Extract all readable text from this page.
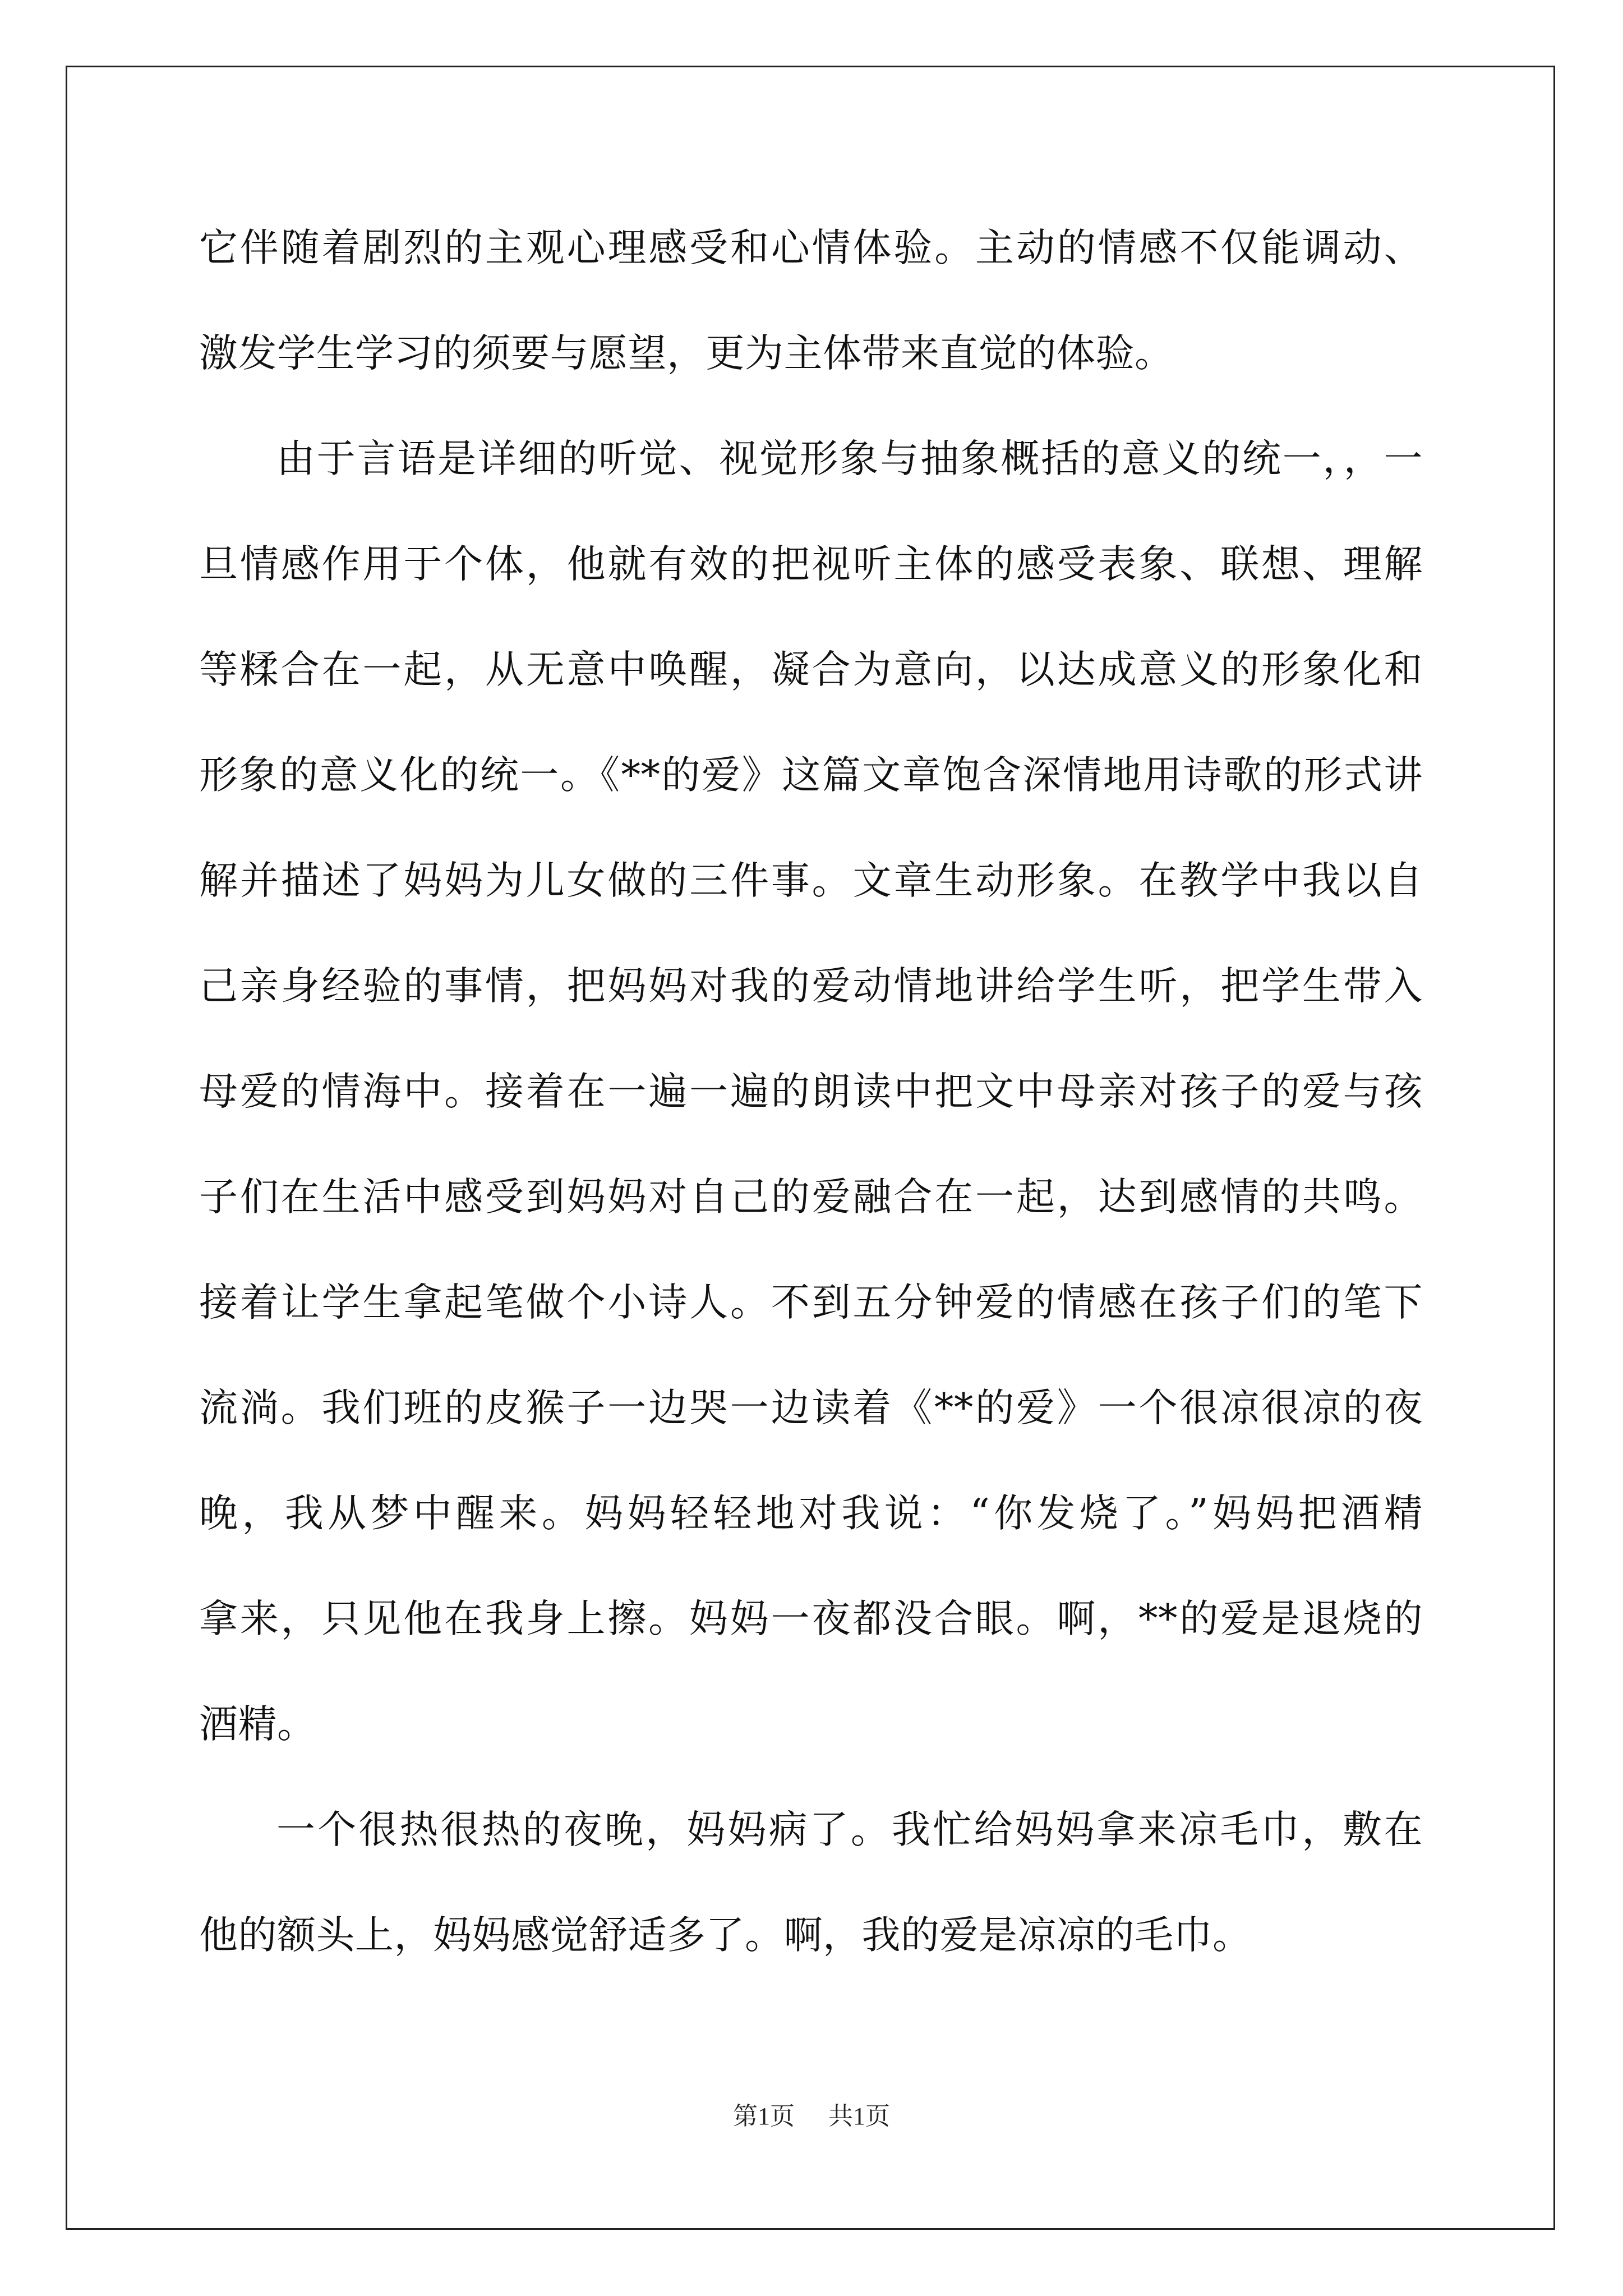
它伴随着剧烈的主观心理感受和心情体验。主动的情感不仅能调动、
激发学生学习的须要与愿望，更为主体带来直觉的体验。
由于言语是详细的听觉、视觉形象与抽象概括的意义的统一，，一
旦情感作用于个体，他就有效的把视听主体的感受表象、联想、理解
等糅合在一起，从无意中唤醒，凝合为意向，以达成意义的形象化和
形象的意义化的统一。《**的爱》这篇文章饱含深情地用诗歌的形式讲
解并描述了妈妈为儿女做的三件事。文章生动形象。在教学中我以自
己亲身经验的事情，把妈妈对我的爱动情地讲给学生听，把学生带入
母爱的情海中。接着在一遍一遍的朗读中把文中母亲对孩子的爱与孩
子们在生活中感受到妈妈对自己的爱融合在一起，达到感情的共鸣。
接着让学生拿起笔做个小诗人。不到五分钟爱的情感在孩子们的笔下
流淌。我们班的皮猴子一边哭一边读着《**的爱》一个很凉很凉的夜
晚，我从梦中醒来。妈妈轻轻地对我说：“你发烧了。”妈妈把酒精
拿来，只见他在我身上擦。妈妈一夜都没合眼。啊，**的爱是退烧的
酒精。
一个很热很热的夜晚，妈妈病了。我忙给妈妈拿来凉毛巾，敷在
他的额头上，妈妈感觉舒适多了。啊，我的爱是凉凉的毛巾。
第1页 共1页
